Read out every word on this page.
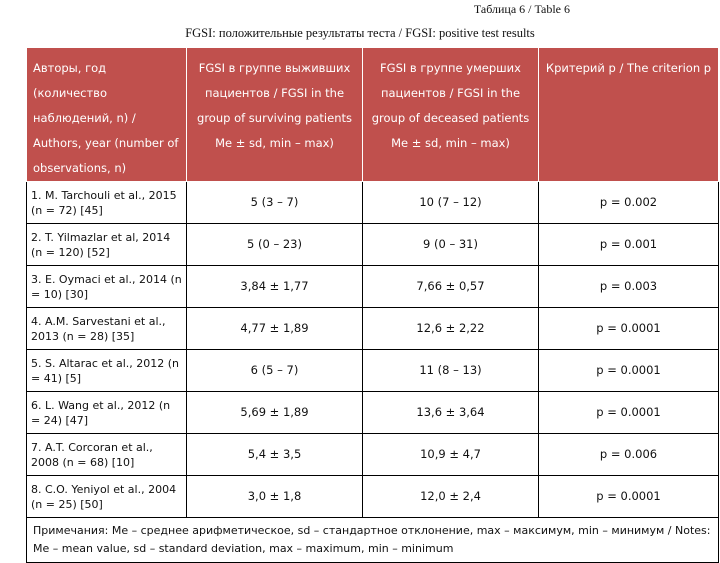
Таблица 6 / Table 6
FGSI: положительные результаты теста / FGSI: positive test results
Авторы, год (количество наблюдений, n) / Authors, year (number of observations, n)	FGSI в группе выживших пациентов / FGSI in the group of surviving patients Me ± sd, min – max)	FGSI в группе умерших пациентов / FGSI in the group of deceased patients Me ± sd, min – max)	Критерий p / The criterion p
1. M. Tarchouli et al., 2015 (n = 72) [45]	5 (3 – 7)	10 (7 – 12)	p = 0.002
2. T. Yilmazlar et al, 2014 (n = 120) [52]	5 (0 – 23)	9 (0 – 31)	p = 0.001
3. E. Oymaci et al., 2014 (n = 10) [30]	3,84 ± 1,77	7,66 ± 0,57	p = 0.003
4. A.M. Sarvestani et al., 2013 (n = 28) [35]	4,77 ± 1,89	12,6 ± 2,22	p = 0.0001
5. S. Altarac et al., 2012 (n = 41) [5]	6 (5 – 7)	11 (8 – 13)	p = 0.0001
6. L. Wang et al., 2012 (n = 24) [47]	5,69 ± 1,89	13,6 ± 3,64	p = 0.0001
7. A.T. Corcoran et al., 2008 (n = 68) [10]	5,4 ± 3,5	10,9 ± 4,7	p = 0.006
8. C.O. Yeniyol et al., 2004 (n = 25) [50]	3,0 ± 1,8	12,0 ± 2,4	p = 0.0001
Примечания: Me – среднее арифметическое, sd – стандартное отклонение, max – максимум, min – минимум / Notes: Me – mean value, sd – standard deviation, max – maximum, min – minimum			
